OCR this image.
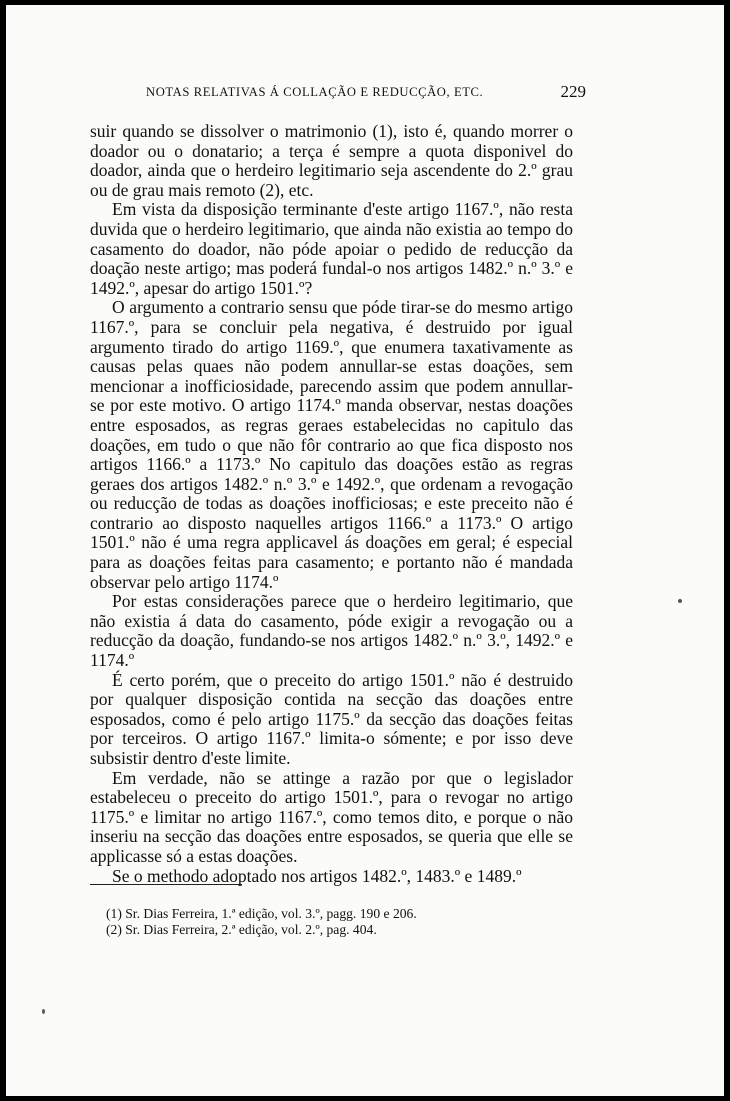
NOTAS RELATIVAS Á COLLAÇÃO E REDUCÇÃO, ETC.	229

suir quando se dissolver o matrimonio (1), isto é, quando morrer o doador ou o donatario; a terça é sempre a quota disponivel do doador, ainda que o herdeiro legitimario seja ascendente do 2.º grau ou de grau mais remoto (2), etc.

Em vista da disposição terminante d'este artigo 1167.º, não resta duvida que o herdeiro legitimario, que ainda não existia ao tempo do casamento do doador, não póde apoiar o pedido de reducção da doação neste artigo; mas poderá fundal-o nos artigos 1482.º n.º 3.º e 1492.º, apesar do artigo 1501.º?

O argumento a contrario sensu que póde tirar-se do mesmo artigo 1167.º, para se concluir pela negativa, é destruido por igual argumento tirado do artigo 1169.º, que enumera taxativamente as causas pelas quaes não podem annullar-se estas doações, sem mencionar a inofficiosidade, parecendo assim que podem annullar-se por este motivo. O artigo 1174.º manda observar, nestas doações entre esposados, as regras geraes estabelecidas no capitulo das doações, em tudo o que não fôr contrario ao que fica disposto nos artigos 1166.º a 1173.º No capitulo das doações estão as regras geraes dos artigos 1482.º n.º 3.º e 1492.º, que ordenam a revogação ou reducção de todas as doações inofficiosas; e este preceito não é contrario ao disposto naquelles artigos 1166.º a 1173.º O artigo 1501.º não é uma regra applicavel ás doações em geral; é especial para as doações feitas para casamento; e portanto não é mandada observar pelo artigo 1174.º

Por estas considerações parece que o herdeiro legitimario, que não existia á data do casamento, póde exigir a revogação ou a reducção da doação, fundando-se nos artigos 1482.º n.º 3.º, 1492.º e 1174.º

É certo porém, que o preceito do artigo 1501.º não é destruido por qualquer disposição contida na secção das doações entre esposados, como é pelo artigo 1175.º da secção das doações feitas por terceiros. O artigo 1167.º limita-o sómente; e por isso deve subsistir dentro d'este limite.

Em verdade, não se attinge a razão por que o legislador estabeleceu o preceito do artigo 1501.º, para o revogar no artigo 1175.º e limitar no artigo 1167.º, como temos dito, e porque o não inseriu na secção das doações entre esposados, se queria que elle se applicasse só a estas doações.

Se o methodo adoptado nos artigos 1482.º, 1483.º e 1489.º

(1) Sr. Dias Ferreira, 1.ª edição, vol. 3.º, pagg. 190 e 206.
(2) Sr. Dias Ferreira, 2.ª edição, vol. 2.º, pag. 404.
